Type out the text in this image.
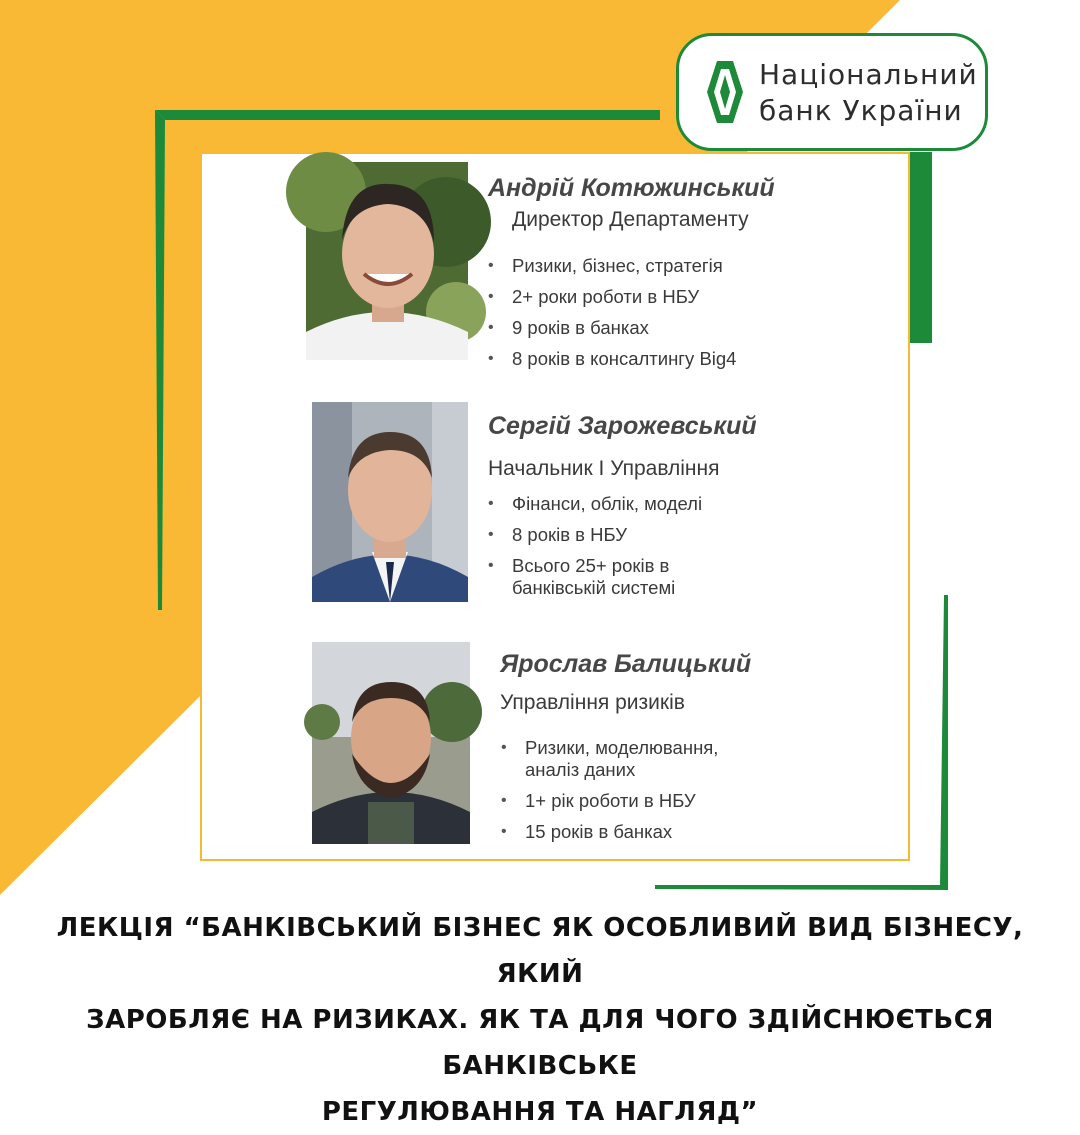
Андрій Котюжинський
Директор Департаменту
• Ризики, бізнес, стратегія
• 2+ роки роботи в НБУ
• 9 років в банках
• 8 років в консалтингу Big4
Сергій Зарожевський
Начальник І Управління
• Фінанси, облік, моделі
• 8 років в НБУ
• Всього 25+ років в банківській системі
Ярослав Балицький
Управління ризиків
• Ризики, моделювання, аналіз даних
• 1+ рік роботи в НБУ
• 15 років в банках
Національний
банк України
ЛЕКЦІЯ “БАНКІВСЬКИЙ БІЗНЕС ЯК ОСОБЛИВИЙ ВИД БІЗНЕСУ, ЯКИЙ
ЗАРОБЛЯЄ НА РИЗИКАХ. ЯК ТА ДЛЯ ЧОГО ЗДІЙСНЮЄТЬСЯ БАНКІВСЬКЕ
РЕГУЛЮВАННЯ ТА НАГЛЯД”
